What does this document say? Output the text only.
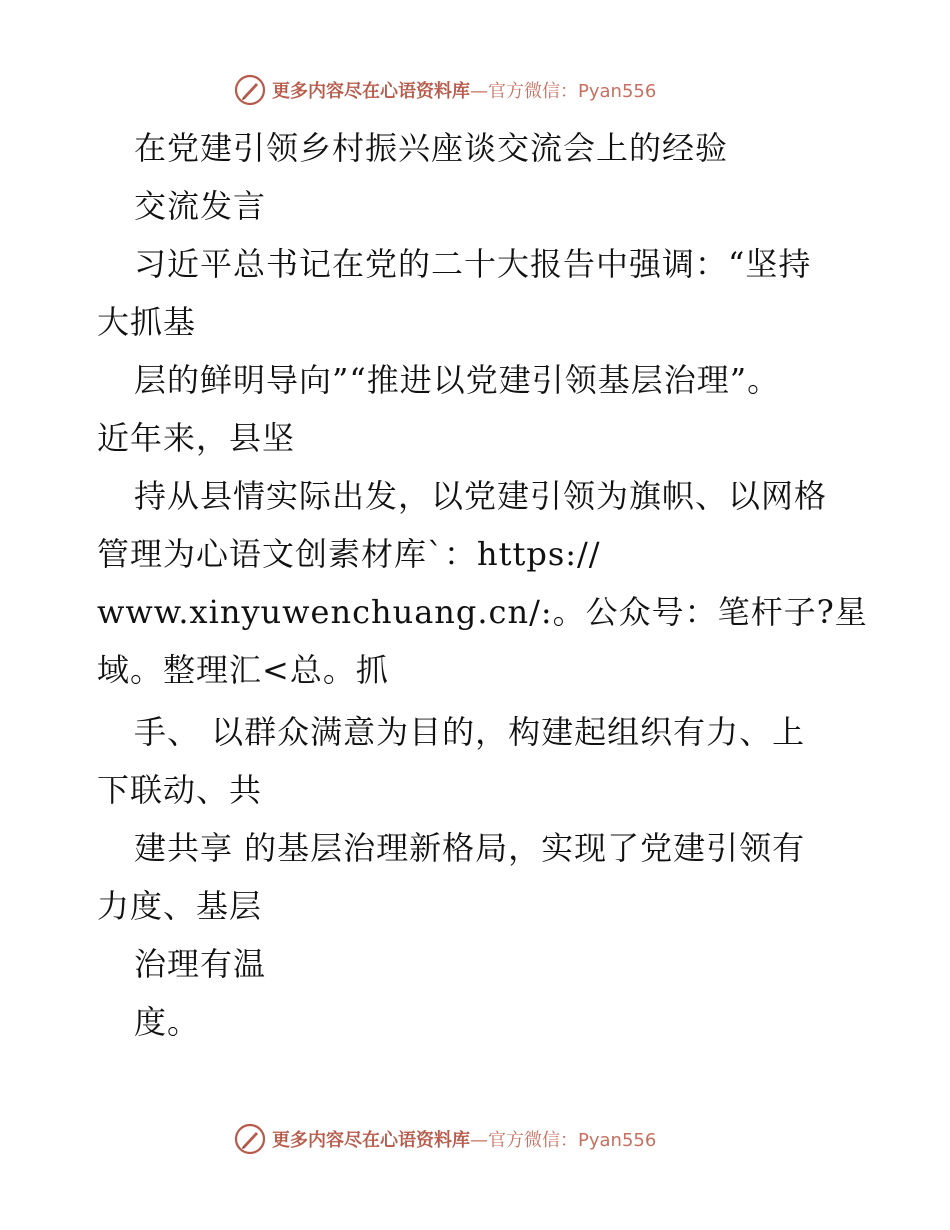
更多内容尽在心语资料库 —官方微信：Pyan556

在党建引领乡村振兴座谈交流会上的经验

交流发言

习近平总书记在党的二十大报告中强调：“坚持

大抓基

层的鲜明导向”“推进以党建引领基层治理”。

近年来，县坚

持从县情实际出发，以党建引领为旗帜、以网格

管理为心语文创素材库`：https://

www.xinyuwenchuang.cn/:。公众号：笔杆子?星

域。整理汇<总。抓

手、 以群众满意为目的，构建起组织有力、上

下联动、共

建共享 的基层治理新格局，实现了党建引领有

力度、基层

治理有温

度。

更多内容尽在心语资料库 —官方微信：Pyan556
